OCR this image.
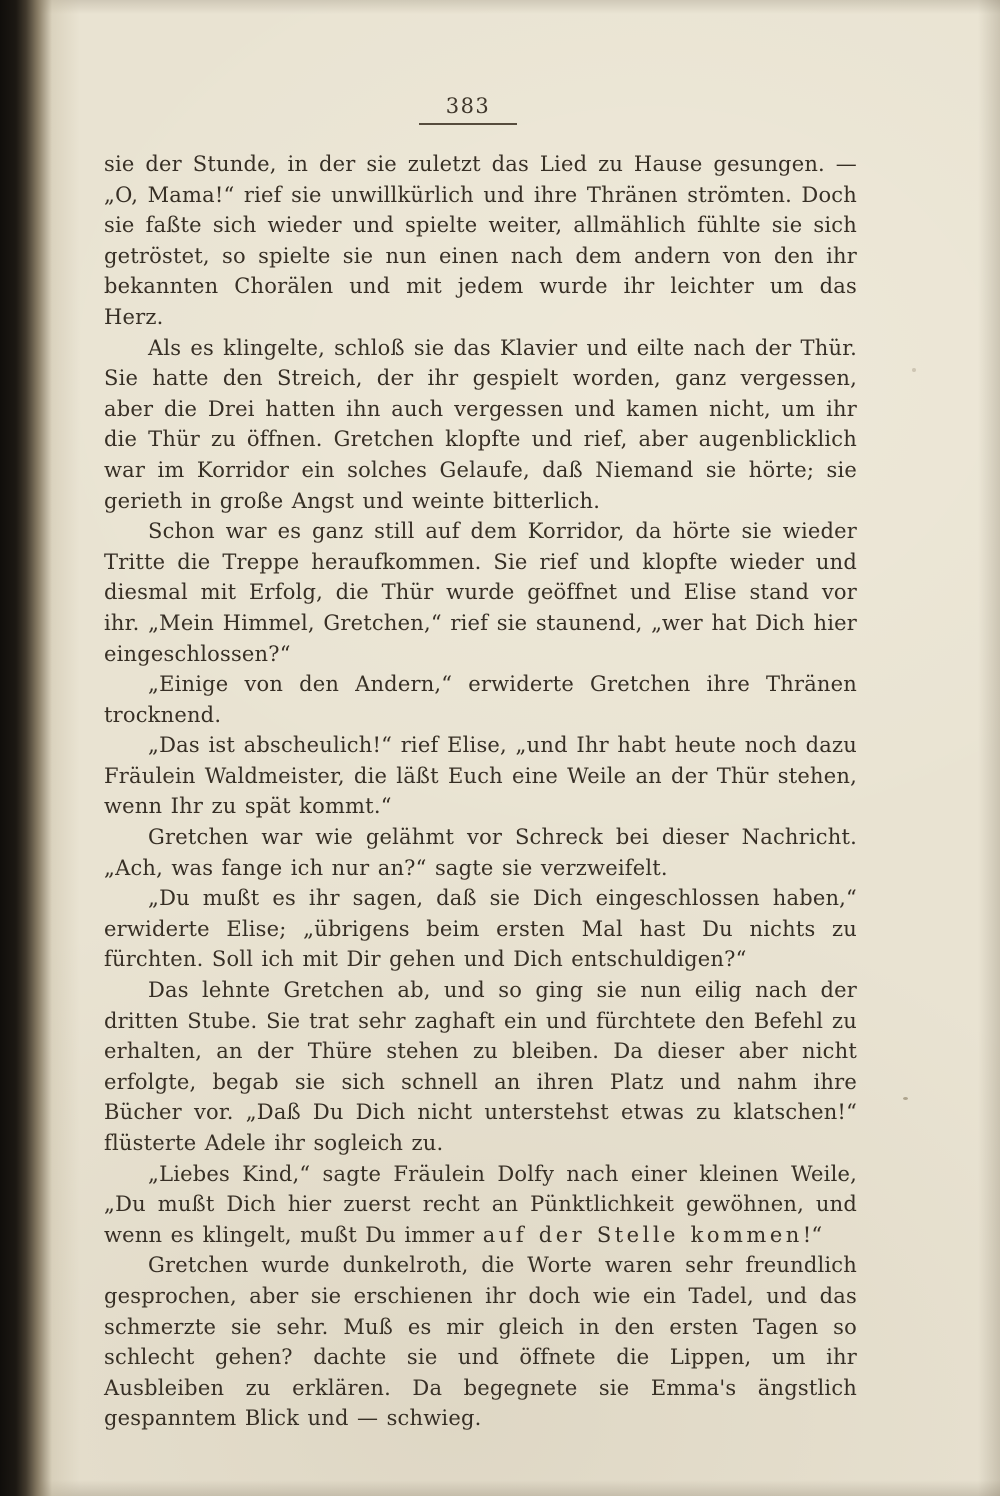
383

sie der Stunde, in der sie zuletzt das Lied zu Hause gesungen. — „O, Mama!“ rief sie unwillkürlich und ihre Thränen strömten. Doch sie faßte sich wieder und spielte weiter, allmählich fühlte sie sich getröstet, so spielte sie nun einen nach dem andern von den ihr bekannten Chorälen und mit jedem wurde ihr leichter um das Herz.

Als es klingelte, schloß sie das Klavier und eilte nach der Thür. Sie hatte den Streich, der ihr gespielt worden, ganz vergessen, aber die Drei hatten ihn auch vergessen und kamen nicht, um ihr die Thür zu öffnen. Gretchen klopfte und rief, aber augenblicklich war im Korridor ein solches Gelaufe, daß Niemand sie hörte; sie gerieth in große Angst und weinte bitterlich.

Schon war es ganz still auf dem Korridor, da hörte sie wieder Tritte die Treppe heraufkommen. Sie rief und klopfte wieder und diesmal mit Erfolg, die Thür wurde geöffnet und Elise stand vor ihr. „Mein Himmel, Gretchen,“ rief sie staunend, „wer hat Dich hier eingeschlossen?“

„Einige von den Andern,“ erwiderte Gretchen ihre Thränen trocknend.

„Das ist abscheulich!“ rief Elise, „und Ihr habt heute noch dazu Fräulein Waldmeister, die läßt Euch eine Weile an der Thür stehen, wenn Ihr zu spät kommt.“

Gretchen war wie gelähmt vor Schreck bei dieser Nachricht. „Ach, was fange ich nur an?“ sagte sie verzweifelt.

„Du mußt es ihr sagen, daß sie Dich eingeschlossen haben,“ erwiderte Elise; „übrigens beim ersten Mal hast Du nichts zu fürchten. Soll ich mit Dir gehen und Dich entschuldigen?“

Das lehnte Gretchen ab, und so ging sie nun eilig nach der dritten Stube. Sie trat sehr zaghaft ein und fürchtete den Befehl zu erhalten, an der Thüre stehen zu bleiben. Da dieser aber nicht erfolgte, begab sie sich schnell an ihren Platz und nahm ihre Bücher vor. „Daß Du Dich nicht unterstehst etwas zu klatschen!“ flüsterte Adele ihr sogleich zu.

„Liebes Kind,“ sagte Fräulein Dolfy nach einer kleinen Weile, „Du mußt Dich hier zuerst recht an Pünktlichkeit gewöhnen, und wenn es klingelt, mußt Du immer auf der Stelle kommen!“

Gretchen wurde dunkelroth, die Worte waren sehr freundlich gesprochen, aber sie erschienen ihr doch wie ein Tadel, und das schmerzte sie sehr. Muß es mir gleich in den ersten Tagen so schlecht gehen? dachte sie und öffnete die Lippen, um ihr Ausbleiben zu erklären. Da begegnete sie Emma's ängstlich gespanntem Blick und — schwieg.
